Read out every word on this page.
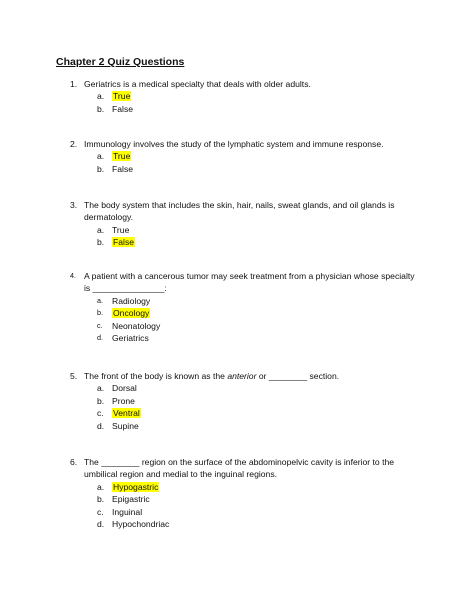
Chapter 2 Quiz Questions
1. Geriatrics is a medical specialty that deals with older adults.
a. True
b. False
2. Immunology involves the study of the lymphatic system and immune response.
a. True
b. False
3. The body system that includes the skin, hair, nails, sweat glands, and oil glands is
dermatology.
a. True
b. False
4. A patient with a cancerous tumor may seek treatment from a physician whose specialty
is _______________:
a. Radiology
b. Oncology
c. Neonatology
d. Geriatrics
5. The front of the body is known as the anterior or ________ section.
a. Dorsal
b. Prone
c. Ventral
d. Supine
6. The ________ region on the surface of the abdominopelvic cavity is inferior to the
umbilical region and medial to the inguinal regions.
a. Hypogastric
b. Epigastric
c. Inguinal
d. Hypochondriac
